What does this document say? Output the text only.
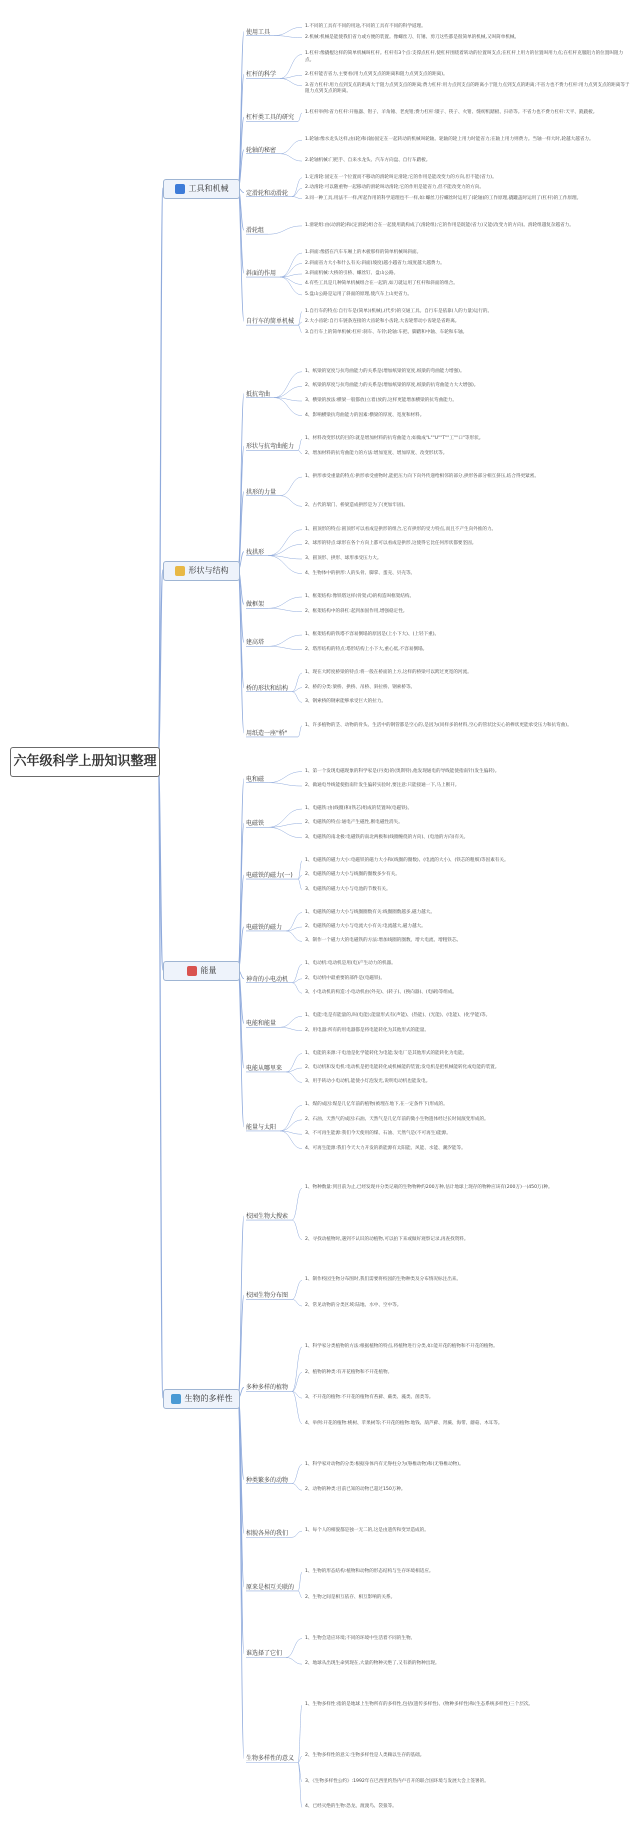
六年级科学上册知识整理
工具和机械
使用工具
1.不同的工具有不同的用途,不同的工具有不同的科学道理。
2.机械:机械是能使我们省力或方便的装置。像螺丝刀、钉锤、剪刀这些都是很简单的机械,又叫简单机械。
杠杆的科学
1.杠杆:像撬棍这样的简单机械叫杠杆。杠杆有3个点:支撑点杠杆,使杠杆围绕着转动的位置叫支点;在杠杆上用力的位置叫用力点;在杠杆克服阻力的位置叫阻力点。
2.杠杆能否省力,主要看(用力点到支点的距离和阻力点到支点的距离)。
3.省力杠杆:用力点到支点的距离大于阻力点到支点的距离;费力杠杆:用力点到支点的距离小于阻力点到支点的距离;不省力也不费力杠杆:用力点到支点的距离等于阻力点到支点的距离。
杠杆类工具的研究
1.杠杆举例:省力杠杆:开瓶器、钳子、羊角锤、老虎钳;费力杠杆:镊子、筷子、火钳、缝纫机踏板、扫帚等。不省力也不费力杠杆:天平、跷跷板。
轮轴的秘密
1.轮轴:像水龙头这样,由(轮)和(轴)固定在一起转动的机械叫轮轴。轮轴的轮上用力时能省力;在轴上用力则费力。当轴一样大时,轮越大越省力。
2.轮轴机械:门把手、自来水龙头、汽车方向盘、自行车踏板。
定滑轮和动滑轮
1.定滑轮:固定在一个位置而不移动的滑轮叫定滑轮;它的作用是能改变力的方向,但不能(省力)。
2.动滑轮:可以随重物一起移动的滑轮叫动滑轮;它的作用是能省力,但不能改变力的方向。
3.同一种工具,用法不一样,所起作用的科学道理也不一样,如:螺丝刀拧螺丝时运用了(轮轴)的工作原理,撬罐盖时运用了(杠杆)的工作原理。
滑轮组
1.滑轮组:由(动滑轮)和(定滑轮)组合在一起使用就构成了(滑轮组);它的作用是既能(省力)又能(改变力的方向)。滑轮组越复杂越省力。
斜面的作用
1.斜面:像搭在汽车车厢上的木板那样的简单机械叫斜面。
2.斜面省力大小和什么有关:斜面(坡度)越小越省力;坡度越大越费力。
3.斜面机械:大桥的引桥、螺丝钉、盘山公路。
4.有些工具是几种简单机械组合在一起的,如刀就运用了杠杆和斜面的组合。
5.盘山公路是运用了斜面的原理,使汽车上山更省力。
自行车的简单机械
1.自行车的特点:自行车是(简单)(机械),(代步)的交通工具。自行车是依靠(人的力量)运行的。
2.大小齿轮:自行车链条连接的大齿轮和小齿轮,大齿轮带动小齿轮是省距离。
3.自行车上的简单机械:杠杆:刹车、车铃;轮轴:车把、脚踏和中轴、车轮和车轴。
形状与结构
抵抗弯曲
1、纸梁的宽度与抗弯曲能力的关系是(增加纸梁的宽度,纸梁的弯曲能力增强)。
2、纸梁的厚度与抗弯曲能力的关系是(增加纸梁的厚度,纸梁的抗弯曲能力大大增强)。
3、横梁的放法:横梁一般都放(立着)放的,这样更能增加横梁的抗弯曲能力。
4、影响横梁抗弯曲能力的因素:横梁的厚度、宽度和材料。
形状与抗弯曲能力
1、材料改变形状的目的:就是增加材料的抗弯曲能力;如做成"L""U""T""工""口"等形状。
2、增加材料的抗弯曲能力的方法:增加宽度、增加厚度、改变形状等。
拱形的力量
1、拱形承受重量的特点:拱形承受重物时,能把压力向下向外传递给相邻的部分,拱形各部分相互挤压,结合得更紧密。
2、古代的瑞门、桥梁造成拱形是为了(更加牢固)。
找拱形
1、圆顶形的特点:圆顶形可以看成是拱形的组合,它有拱形的受力特点,而且不产生向外推的力。
2、球形的特点:球形在各个方向上都可以看成是拱形,这使得它比任何形状都要坚固。
3、圆顶形、拱形、球形承受压力大。
4、生物体中的拱形:人的头骨、脚掌、蛋壳、贝壳等。
做框架
1、框架结构:像铁塔这样(骨架式)的构造叫框架结构。
2、框架结构中的斜杠:起到加固作用,增强稳定性。
建高塔
1、框架结构的铁塔不容易倒塌的原因是(上小下大)、(上轻下重)。
2、塔形结构的特点:塔形结构上小下大,重心低,不容易倒塌。
桥的形状和结构
1、现在大跨度桥梁的特点:将一般在桥面的上方,这样的桥梁可以跨过更宽的河流。
2、桥的分类:梁桥、拱桥、吊桥、斜拉桥、钢索桥等。
3、钢索桥的钢索能够承受巨大的拉力。
用纸造一座"桥"
1、许多植物的茎、动物的骨头、生活中的钢管都是空心的,是因为(同样多的材料,空心的管状比实心的棒状更能承受压力和抗弯曲)。
能量
电和磁
1、第一个发现电磁现象的科学家是(丹麦)的(奥斯特),他发现通电的导线能使指南针(发生偏转)。
2、做通电导线能使指南针发生偏转实验时,要注意:只能接通一下,马上断开。
电磁铁
1、电磁铁:由(线圈)和(铁芯)组成的装置叫(电磁铁)。
2、电磁铁的特点:通电产生磁性,断电磁性消失。
3、电磁铁的南北极:电磁铁的南北两极和(线圈缠绕的方向)、(电池的方向)有关。
电磁铁的磁力(一)
1、电磁铁的磁力大小:电磁铁的磁力大小和(线圈的圈数)、(电流的大小)、(铁芯的粗细)等因素有关。
2、电磁铁的磁力大小与线圈的圈数多少有关。
3、电磁铁的磁力大小与电池的节数有关。
电磁铁的磁力
1、电磁铁的磁力大小与线圈圈数有关:线圈圈数越多,磁力越大。
2、电磁铁的磁力大小与电流大小有关:电流越大,磁力越大。
3、制作一个磁力大的电磁铁的方法:增加线圈的圈数、增大电流、增粗铁芯。
神奇的小电动机
1、电动机:电动机是用(电)产生动力的机器。
2、电动机中最重要的部件是(电磁铁)。
3、小电动机的构造:小电动机由(外壳)、(转子)、(换向器)、(电刷)等组成。
电能和能量
1、电能:电是有能量的,叫(电能);能量形式有(声能)、(热能)、(光能)、(电能)、(化学能)等。
2、用电器:所有的用电器都是将电能转化为其他形式的能量。
电能从哪里来
1、电能的来源:干电池是化学能转化为电能;发电厂是其他形式的能转化为电能。
2、电动机和发电机:电动机是把电能转化成机械能的装置;发电机是把机械能转化成电能的装置。
3、用手转动小电动机,能使小灯泡发光,说明电动机也能发电。
能量与太阳
1、煤的成因:煤是几亿年前的植物(被埋在地下,在一定条件下)形成的。
2、石油、天然气的成因:石油、天然气是几亿年前的微小生物遗体经过长时间演变形成的。
3、不可再生能源:我们今天使用的煤、石油、天然气是(不可再生)能源。
4、可再生能源:我们今天大力开发的新能源有太阳能、风能、水能、潮汐能等。
生物的多样性
校园生物大搜索
1、物种数量:到目前为止,已经发现并分类记载的生物物种约200万种,估计地球上现存的物种应该有(200万)一(450万)种。
2、寻找动植物时,遇到不认识的动植物,可以拍下来或做好观察记录,再查找资料。
校园生物分布图
1、制作校园生物分布图时,我们需要将校园的生物种类及分布情况标注出来。
2、常见动物的分类区域:陆地、水中、空中等。
多种多样的植物
1、科学家分类植物的方法:根据植物的特点,将植物进行分类,如:能开花的植物和不开花的植物。
2、植物的种类:有开花植物和不开花植物。
3、不开花的植物:不开花的植物有苔藓、蕨类、藻类、菌类等。
4、举例:开花的植物:桃树、苹果树等;不开花的植物:地钱、葫芦藓、肾蕨、海带、蘑菇、木耳等。
种类繁多的动物
1、科学家对动物的分类:根据身体内有无脊柱分为(脊椎动物)和(无脊椎动物)。
2、动物的种类:目前已知的动物已超过150万种。
相貌各异的我们	1、每个人的相貌都是独一无二的,这是由遗传和变异造成的。
原来是相互关联的
1、生物的形态结构:植物和动物的形态结构与生存环境相适应。
2、生物之间是相互依存、相互影响的关系。
谁选择了它们
1、生物会适应环境;不同的环境中生活着不同的生物。
2、地球从出现生命到现在,大量的物种灭绝了,又有新的物种出现。
生物多样性的意义
1、生物多样性:指的是地球上生物所有的多样性,包括(遗传多样性)、(物种多样性)和(生态系统多样性)三个层次。
2、生物多样性的意义:生物多样性是人类赖以生存的基础。
3、《生物多样性公约》:1992年在巴西里约热内卢召开的联合国环境与发展大会上签署的。
4、已经灭绝的生物:恐龙、渡渡鸟、袋狼等。
